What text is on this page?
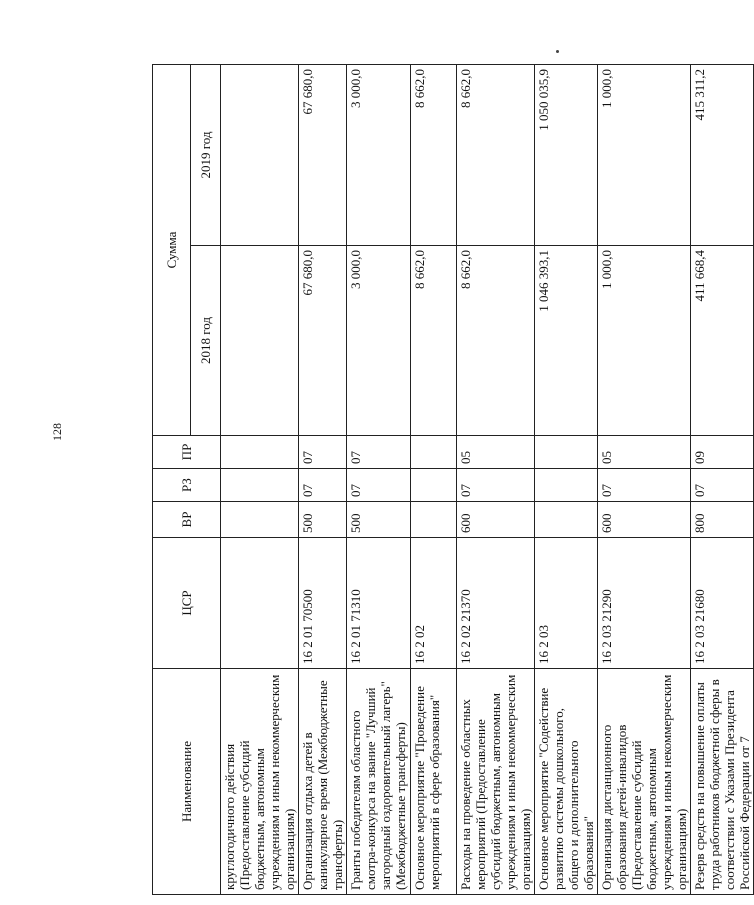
128
Наименование	ЦСР	ВР	РЗ	ПР	Сумма	
					2018 год	2019 год
круглогодичного действия (Предоставление субсидий бюджетным, автономным учреждениям и иным некоммерческим организациям)						
Организация отдыха детей в каникулярное время (Межбюджетные трансферты)	16 2 01 70500	500	07	07	67 680,0	67 680,0
Гранты победителям областного смотра-конкурса на звание "Лучший загородный оздоровительный лагерь" (Межбюджетные трансферты)	16 2 01 71310	500	07	07	3 000,0	3 000,0
Основное мероприятие "Проведение мероприятий в сфере образования"	16 2 02				8 662,0	8 662,0
Расходы на проведение областных мероприятий (Предоставление субсидий бюджетным, автономным учреждениям и иным некоммерческим организациям)	16 2 02 21370	600	07	05	8 662,0	8 662,0
Основное мероприятие "Содействие развитию системы дошкольного, общего и дополнительного образования"	16 2 03				1 046 393,1	1 050 035,9
Организация дистанционного образования детей-инвалидов (Предоставление субсидий бюджетным, автономным учреждениям и иным некоммерческим организациям)	16 2 03 21290	600	07	05	1 000,0	1 000,0
Резерв средств на повышение оплаты труда работников бюджетной сферы в соответствии с Указами Президента Российской Федерации от 7	16 2 03 21680	800	07	09	411 668,4	415 311,2
